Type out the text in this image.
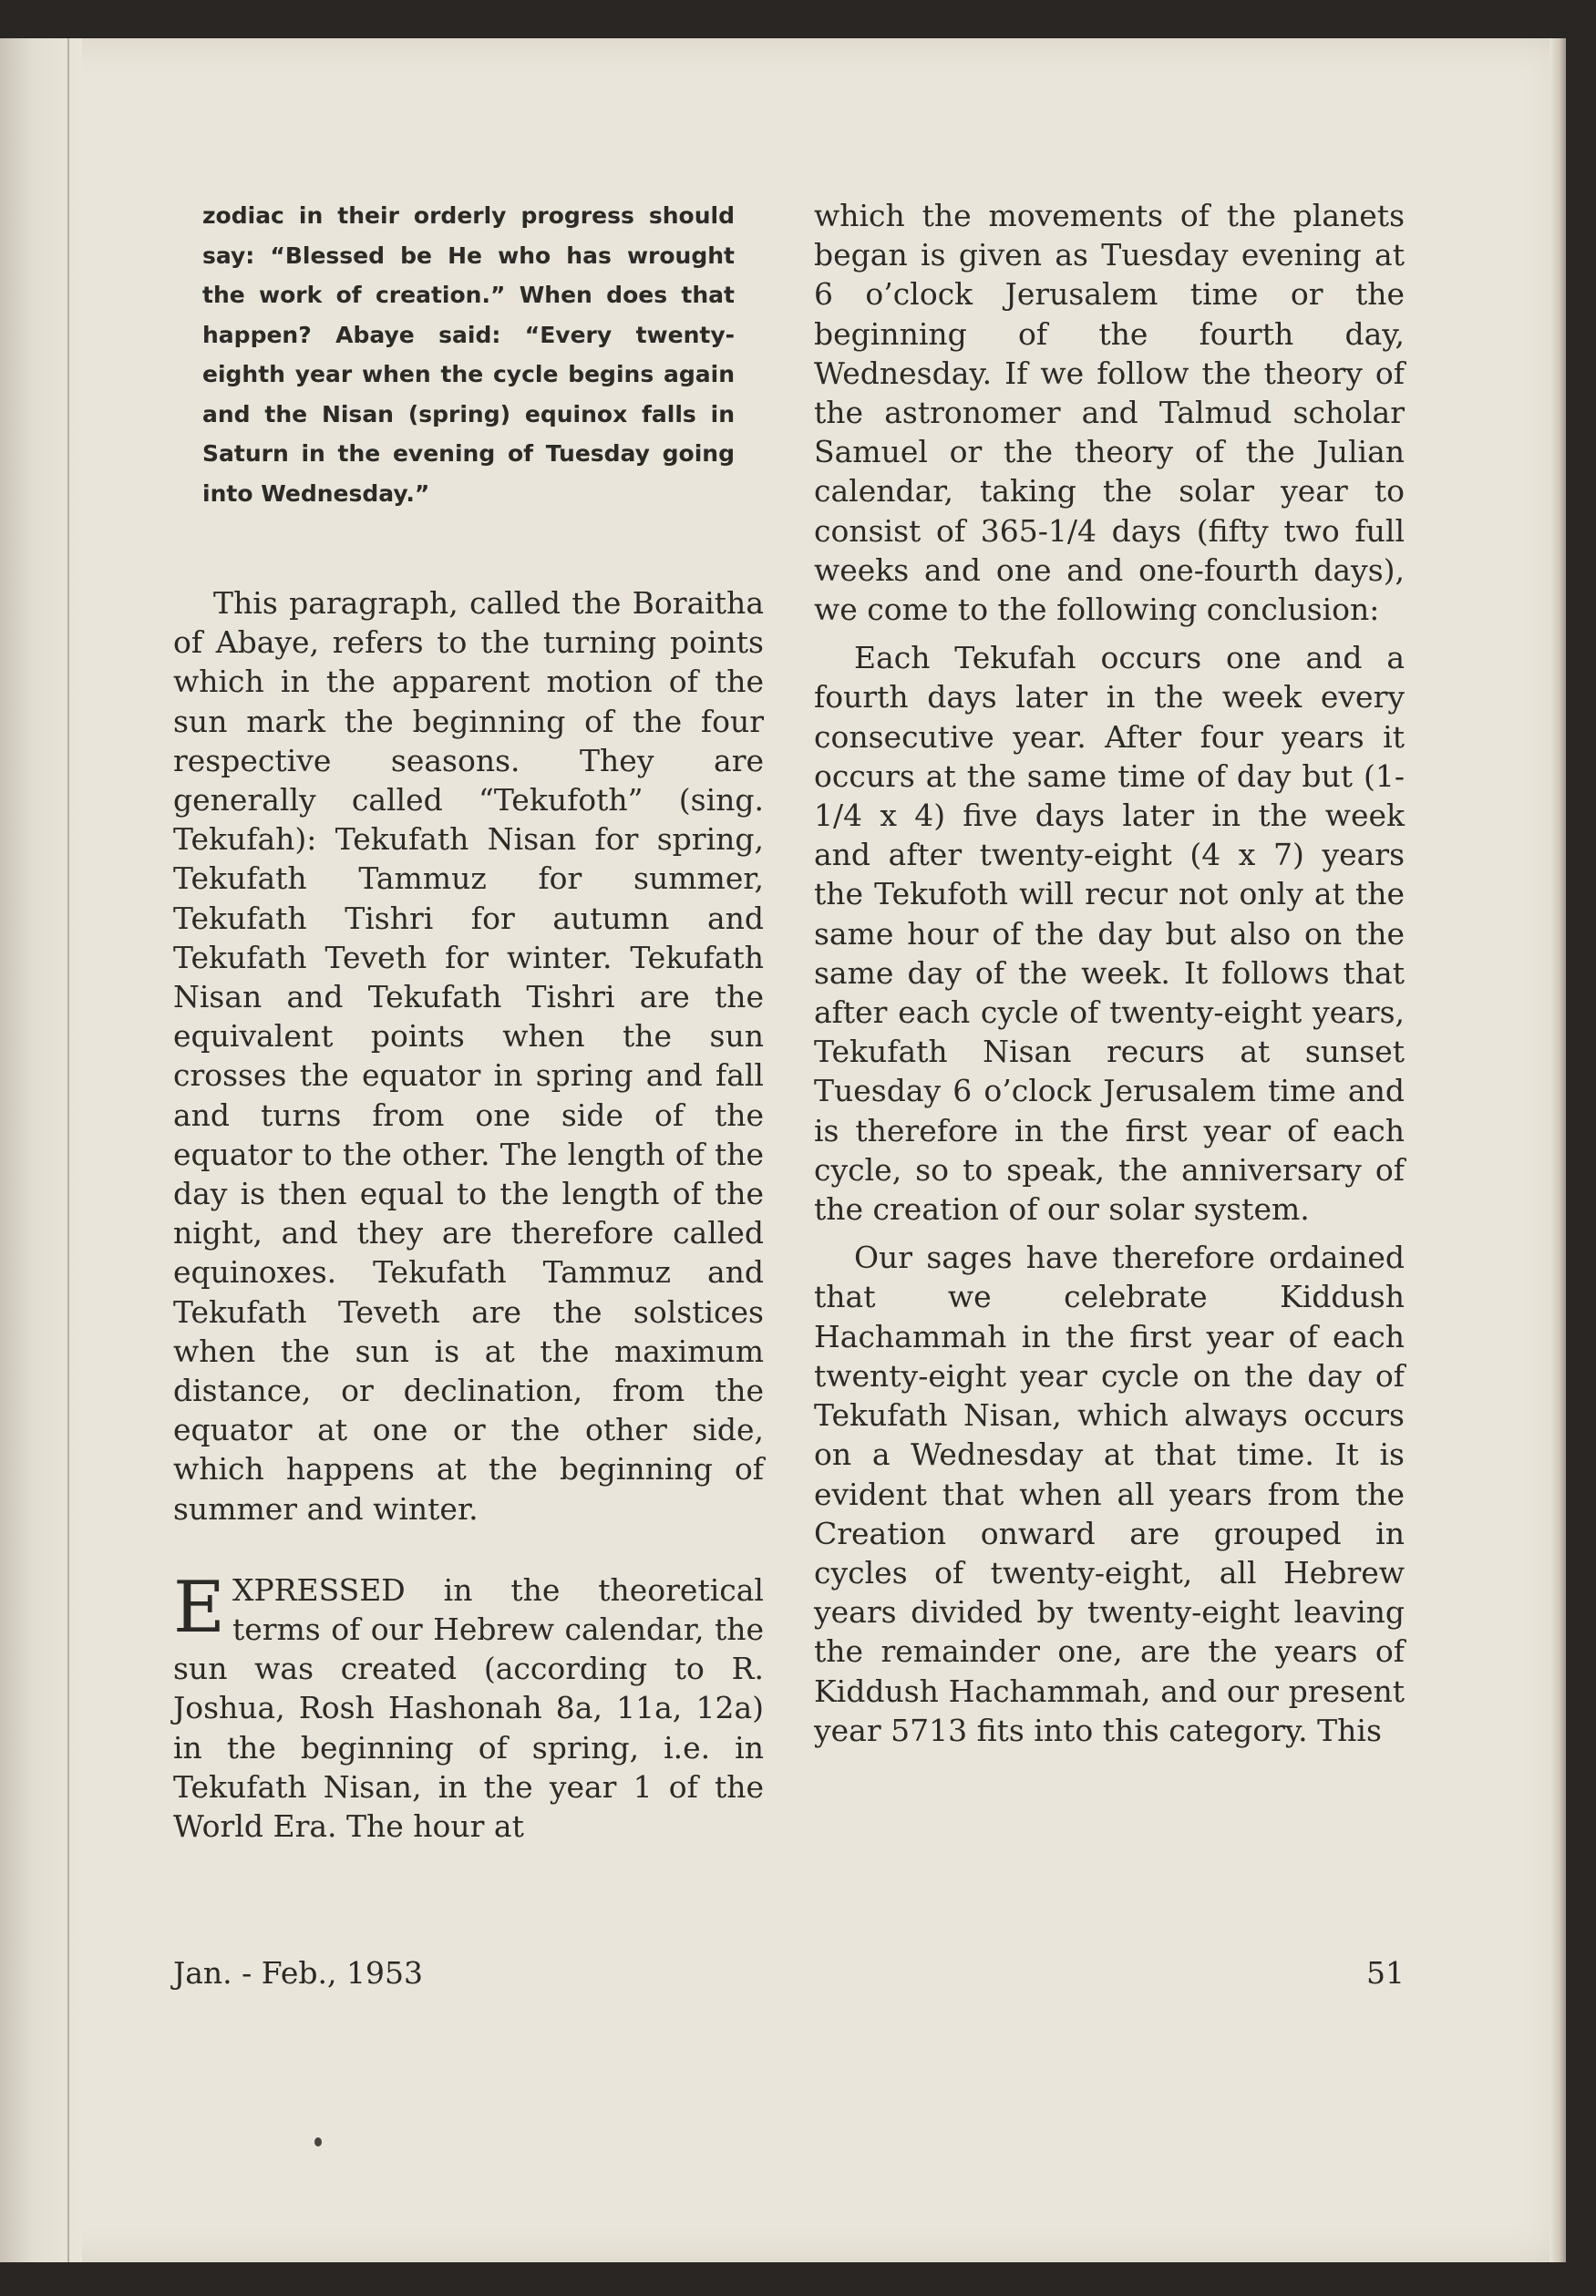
zodiac in their orderly progress should say: “Blessed be He who has wrought the work of creation.” When does that happen? Abaye said: “Every twenty-eighth year when the cycle begins again and the Nisan (spring) equinox falls in Saturn in the evening of Tuesday going into Wednesday.”

This paragraph, called the Boraitha of Abaye, refers to the turning points which in the apparent motion of the sun mark the beginning of the four respective seasons. They are generally called “Tekufoth” (sing. Tekufah): Tekufath Nisan for spring, Tekufath Tammuz for summer, Tekufath Tishri for autumn and Tekufath Teveth for winter. Tekufath Nisan and Tekufath Tishri are the equivalent points when the sun crosses the equator in spring and fall and turns from one side of the equator to the other. The length of the day is then equal to the length of the night, and they are therefore called equinoxes. Tekufath Tammuz and Tekufath Teveth are the solstices when the sun is at the maximum distance, or declination, from the equator at one or the other side, which happens at the beginning of summer and winter.

EXPRESSED in the theoretical terms of our Hebrew calendar, the sun was created (according to R. Joshua, Rosh Hashonah 8a, 11a, 12a) in the beginning of spring, i.e. in Tekufath Nisan, in the year 1 of the World Era. The hour at

which the movements of the planets began is given as Tuesday evening at 6 o’clock Jerusalem time or the beginning of the fourth day, Wednesday. If we follow the theory of the astronomer and Talmud scholar Samuel or the theory of the Julian calendar, taking the solar year to consist of 365-1/4 days (fifty two full weeks and one and one-fourth days), we come to the following conclusion:

Each Tekufah occurs one and a fourth days later in the week every consecutive year. After four years it occurs at the same time of day but (1-1/4 x 4) five days later in the week and after twenty-eight (4 x 7) years the Tekufoth will recur not only at the same hour of the day but also on the same day of the week. It follows that after each cycle of twenty-eight years, Tekufath Nisan recurs at sunset Tuesday 6 o’clock Jerusalem time and is therefore in the first year of each cycle, so to speak, the anniversary of the creation of our solar system.

Our sages have therefore ordained that we celebrate Kiddush Hachammah in the first year of each twenty-eight year cycle on the day of Tekufath Nisan, which always occurs on a Wednesday at that time. It is evident that when all years from the Creation onward are grouped in cycles of twenty-eight, all Hebrew years divided by twenty-eight leaving the remainder one, are the years of Kiddush Hachammah, and our present year 5713 fits into this category. This

Jan. - Feb., 1953	51
